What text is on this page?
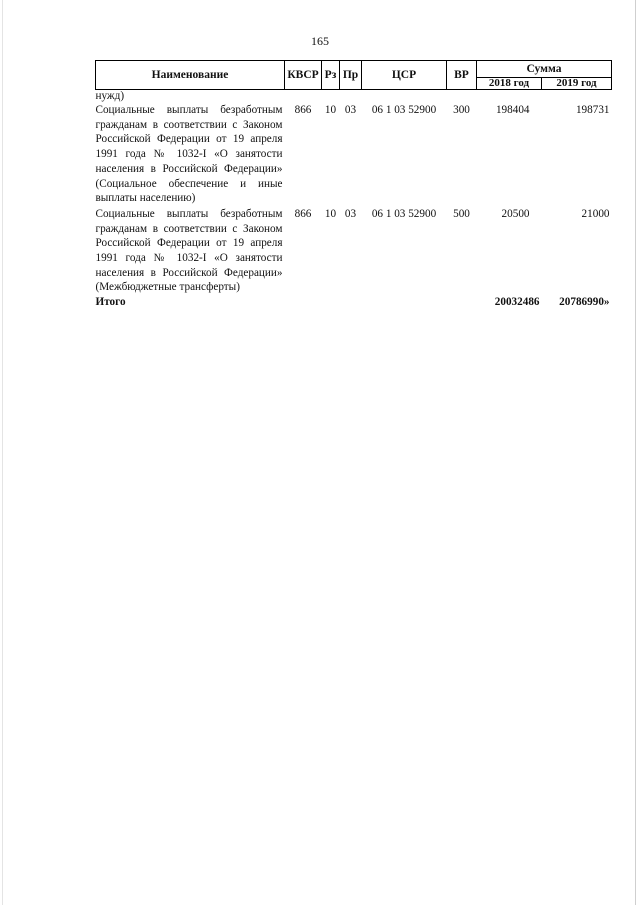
165
Наименование	КВСР	Рз	Пр	ЦСР	ВР	Сумма	
						2018 год	2019 год
нужд)							
Социальные выплаты безработным гражданам в соответствии с Законом Российской Федерации от 19 апреля 1991 года № 1032-I «О занятости населения в Российской Федерации» (Социальное обеспечение и иные выплаты населению)	866	10	03	06 1 03 52900	300	198404	198731
Социальные выплаты безработным гражданам в соответствии с Законом Российской Федерации от 19 апреля 1991 года № 1032-I «О занятости населения в Российской Федерации» (Межбюджетные трансферты)	866	10	03	06 1 03 52900	500	20500	21000
Итого						20032486	20786990»
